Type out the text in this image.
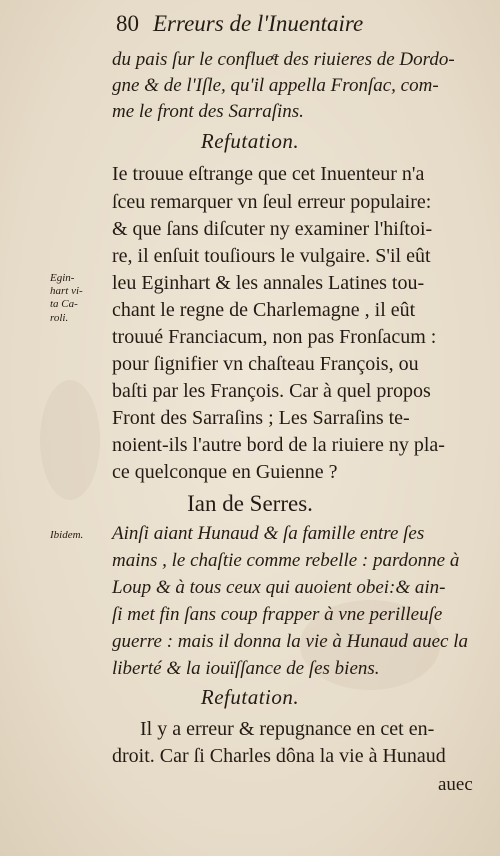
80 Erreurs de l'Inuentaire
du pais ſur le conflueͨt des riuieres de Dordo-
gne & de l'Iſle, qu'il appella Fronſac, com-
me le front des Sarraſins.
Refutation.
Ie trouue eſtrange que cet Inuenteur n'a
ſceu remarquer vn ſeul erreur populaire:
& que ſans diſcuter ny examiner l'hiſtoi-
re, il enſuit touſiours le vulgaire. S'il eût
leu Eginhart & les annales Latines tou-
chant le regne de Charlemagne , il eût
trouué Franciacum, non pas Fronſacum :
pour ſignifier vn chaſteau François, ou
baſti par les François. Car à quel propos
Front des Sarraſins ; Les Sarraſins te-
noient-ils l'autre bord de la riuiere ny pla-
ce quelconque en Guienne ?
Egin-
hart vi-
ta Ca-
roli.
Ian de Serres.
Ibidem. Ainſi aiant Hunaud & ſa famille entre ſes
mains , le chaſtie comme rebelle : pardonne à
Loup & à tous ceux qui auoient obei:& ain-
ſi met fin ſans coup frapper à vne perilleuſe
guerre : mais il donna la vie à Hunaud auec la
liberté & la iouïſſance de ſes biens.
Refutation.
Il y a erreur & repugnance en cet en-
droit. Car ſi Charles dôna la vie à Hunaud
auec
